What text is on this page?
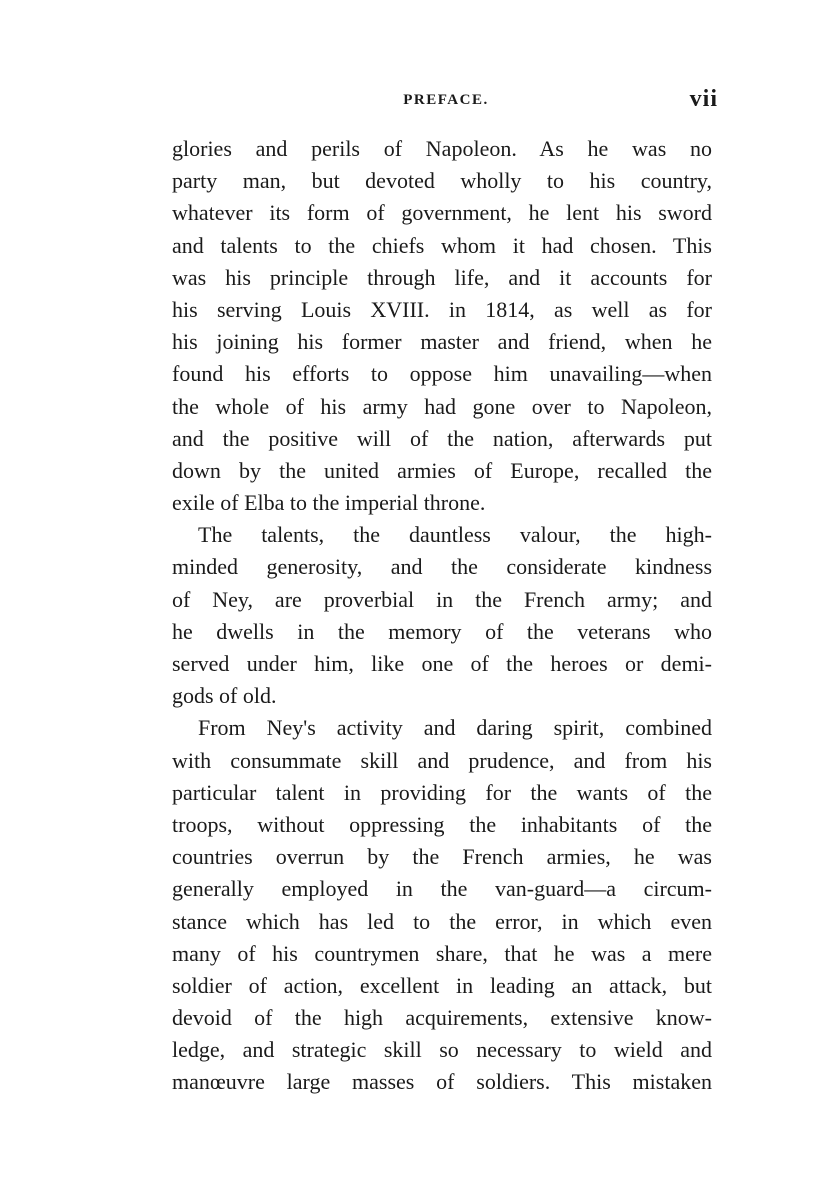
PREFACE.	vii
glories and perils of Napoleon. As he was no
party man, but devoted wholly to his country,
whatever its form of government, he lent his sword
and talents to the chiefs whom it had chosen. This
was his principle through life, and it accounts for
his serving Louis XVIII. in 1814, as well as for
his joining his former master and friend, when he
found his efforts to oppose him unavailing—when
the whole of his army had gone over to Napoleon,
and the positive will of the nation, afterwards put
down by the united armies of Europe, recalled the
exile of Elba to the imperial throne.
The talents, the dauntless valour, the high-
minded generosity, and the considerate kindness
of Ney, are proverbial in the French army; and
he dwells in the memory of the veterans who
served under him, like one of the heroes or demi-
gods of old.
From Ney's activity and daring spirit, combined
with consummate skill and prudence, and from his
particular talent in providing for the wants of the
troops, without oppressing the inhabitants of the
countries overrun by the French armies, he was
generally employed in the van-guard—a circum-
stance which has led to the error, in which even
many of his countrymen share, that he was a mere
soldier of action, excellent in leading an attack, but
devoid of the high acquirements, extensive know-
ledge, and strategic skill so necessary to wield and
manœuvre large masses of soldiers. This mistaken
